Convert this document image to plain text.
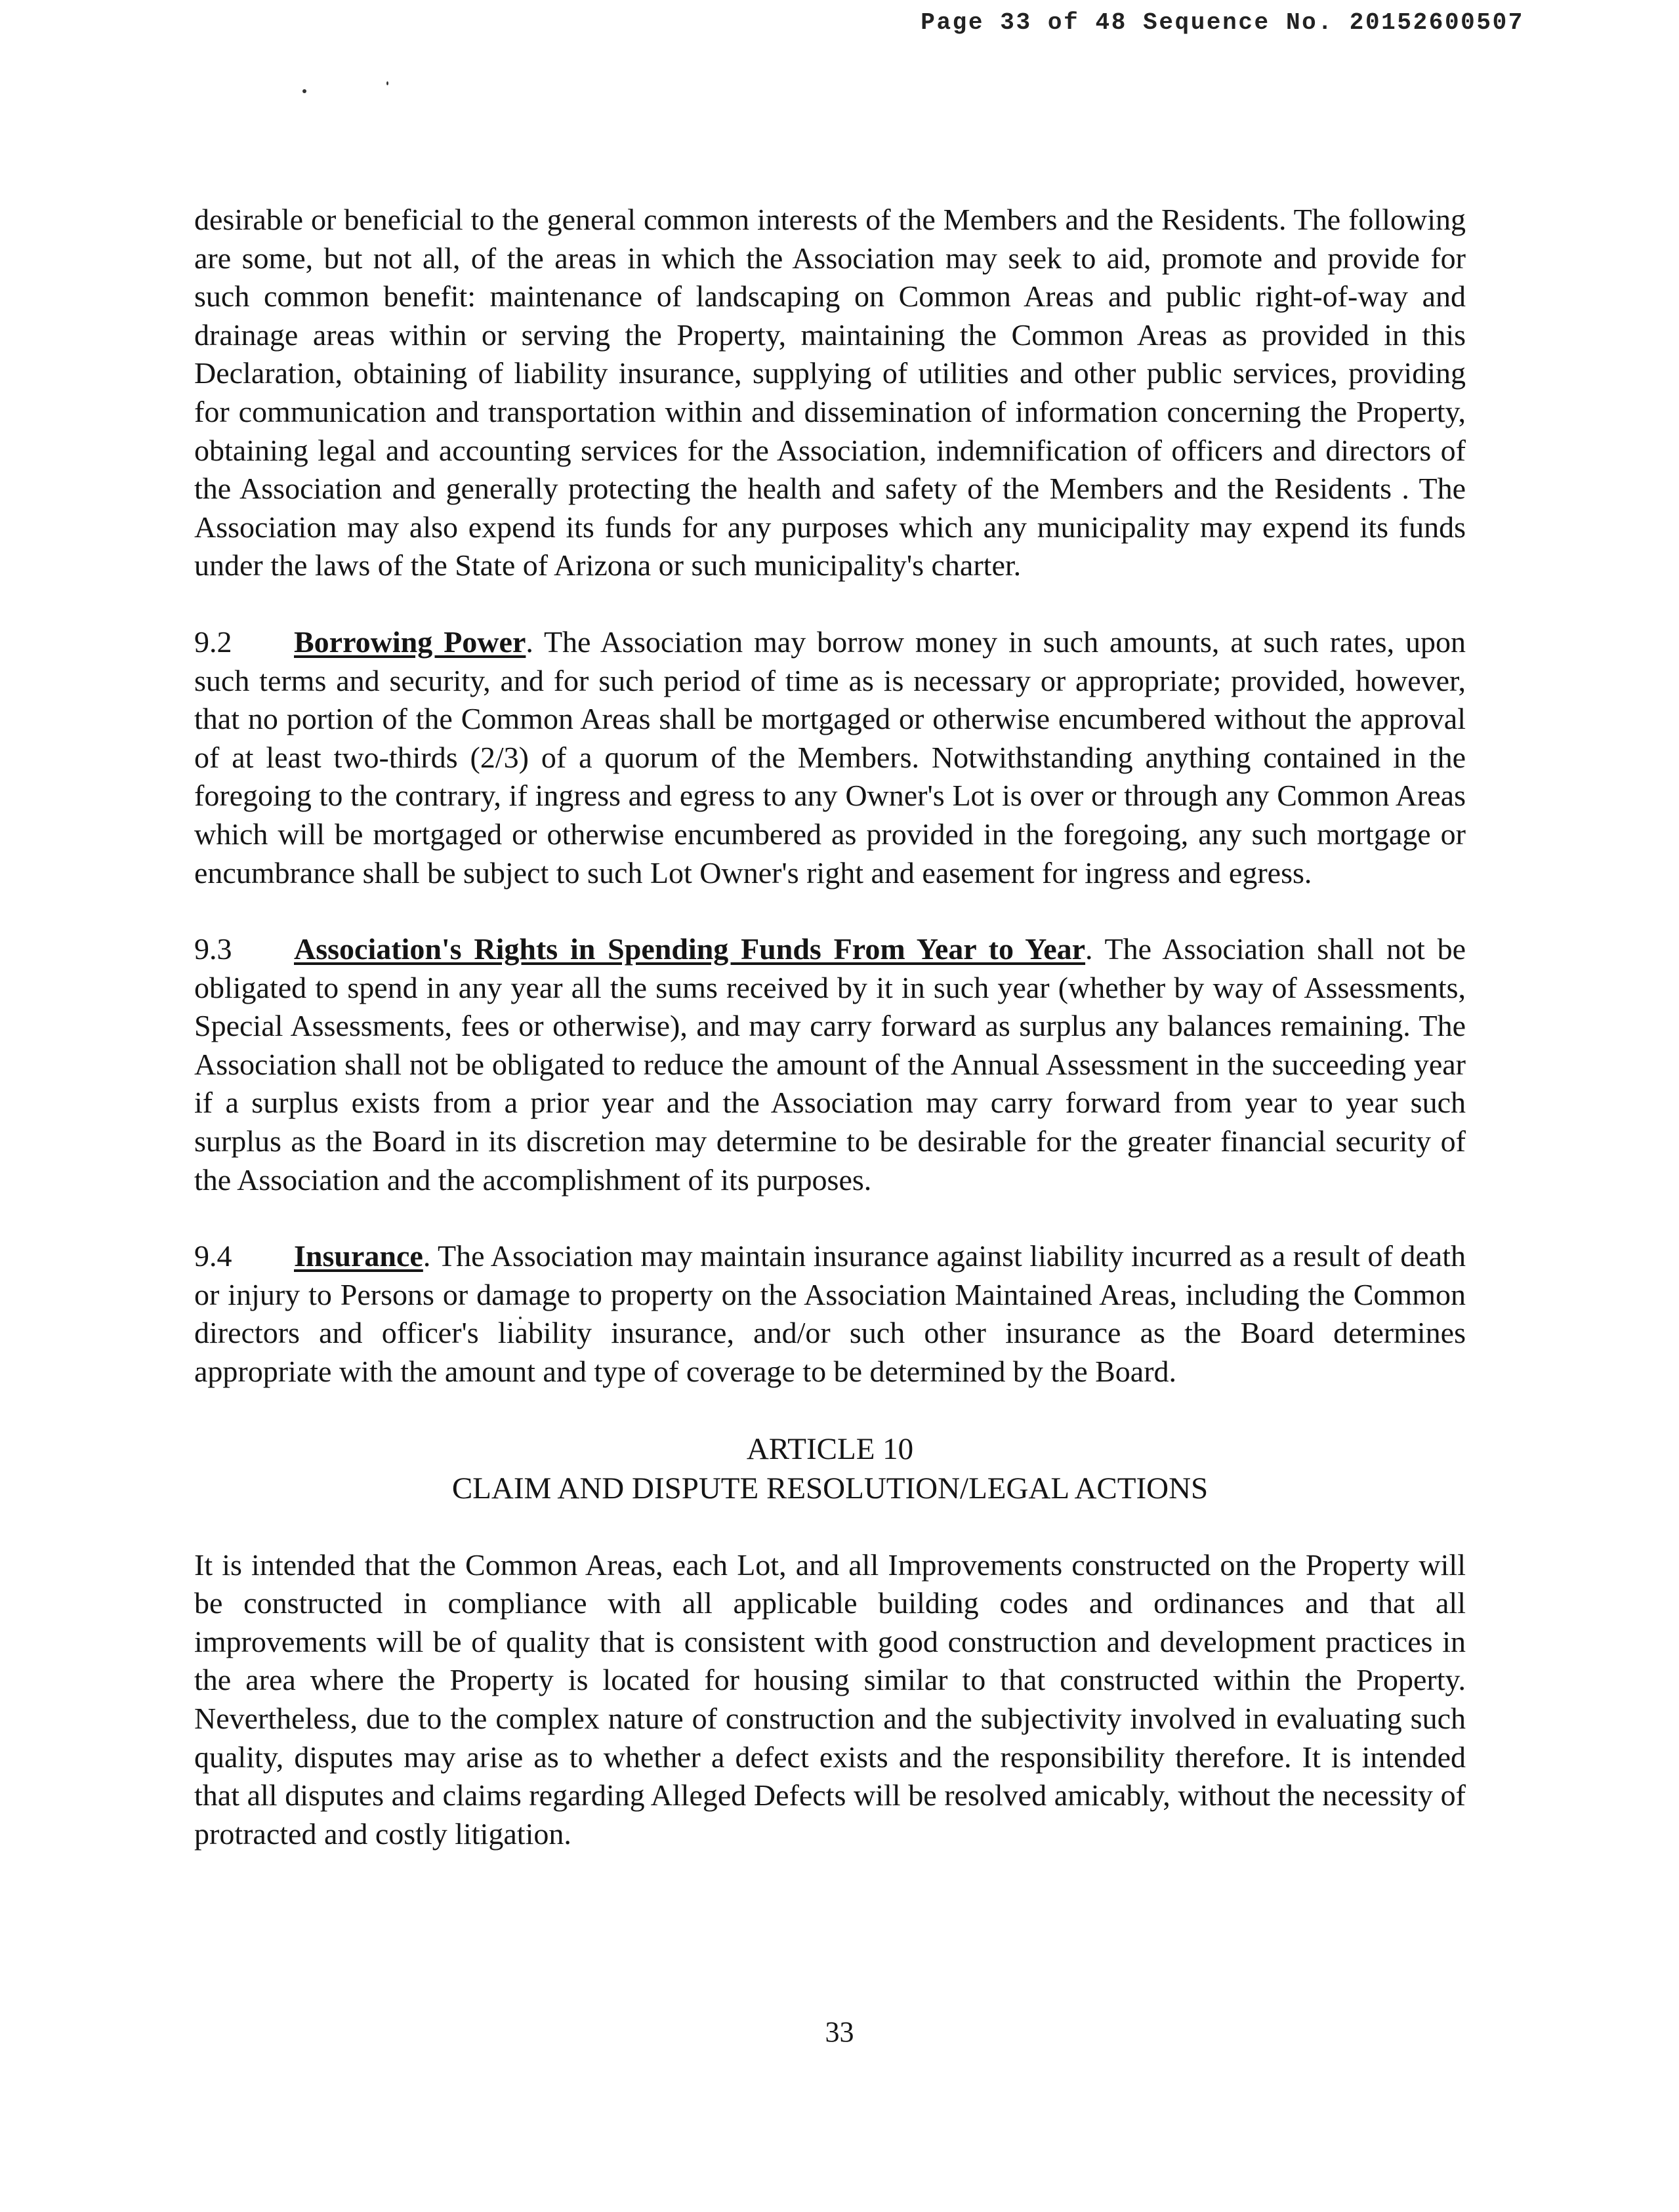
Page 33 of 48 Sequence No. 20152600507

desirable or beneficial to the general common interests of the Members and the Residents. The following are some, but not all, of the areas in which the Association may seek to aid, promote and provide for such common benefit: maintenance of landscaping on Common Areas and public right-of-way and drainage areas within or serving the Property, maintaining the Common Areas as provided in this Declaration, obtaining of liability insurance, supplying of utilities and other public services, providing for communication and transportation within and dissemination of information concerning the Property, obtaining legal and accounting services for the Association, indemnification of officers and directors of the Association and generally protecting the health and safety of the Members and the Residents . The Association may also expend its funds for any purposes which any municipality may expend its funds under the laws of the State of Arizona or such municipality's charter.

9.2 Borrowing Power. The Association may borrow money in such amounts, at such rates, upon such terms and security, and for such period of time as is necessary or appropriate; provided, however, that no portion of the Common Areas shall be mortgaged or otherwise encumbered without the approval of at least two-thirds (2/3) of a quorum of the Members. Notwithstanding anything contained in the foregoing to the contrary, if ingress and egress to any Owner's Lot is over or through any Common Areas which will be mortgaged or otherwise encumbered as provided in the foregoing, any such mortgage or encumbrance shall be subject to such Lot Owner's right and easement for ingress and egress.

9.3 Association's Rights in Spending Funds From Year to Year. The Association shall not be obligated to spend in any year all the sums received by it in such year (whether by way of Assessments, Special Assessments, fees or otherwise), and may carry forward as surplus any balances remaining. The Association shall not be obligated to reduce the amount of the Annual Assessment in the succeeding year if a surplus exists from a prior year and the Association may carry forward from year to year such surplus as the Board in its discretion may determine to be desirable for the greater financial security of the Association and the accomplishment of its purposes.

9.4 Insurance. The Association may maintain insurance against liability incurred as a result of death or injury to Persons or damage to property on the Association Maintained Areas, including the Common directors and officer's liability insurance, and/or such other insurance as the Board determines appropriate with the amount and type of coverage to be determined by the Board.

ARTICLE 10
CLAIM AND DISPUTE RESOLUTION/LEGAL ACTIONS

It is intended that the Common Areas, each Lot, and all Improvements constructed on the Property will be constructed in compliance with all applicable building codes and ordinances and that all improvements will be of quality that is consistent with good construction and development practices in the area where the Property is located for housing similar to that constructed within the Property. Nevertheless, due to the complex nature of construction and the subjectivity involved in evaluating such quality, disputes may arise as to whether a defect exists and the responsibility therefore. It is intended that all disputes and claims regarding Alleged Defects will be resolved amicably, without the necessity of protracted and costly litigation.

33
